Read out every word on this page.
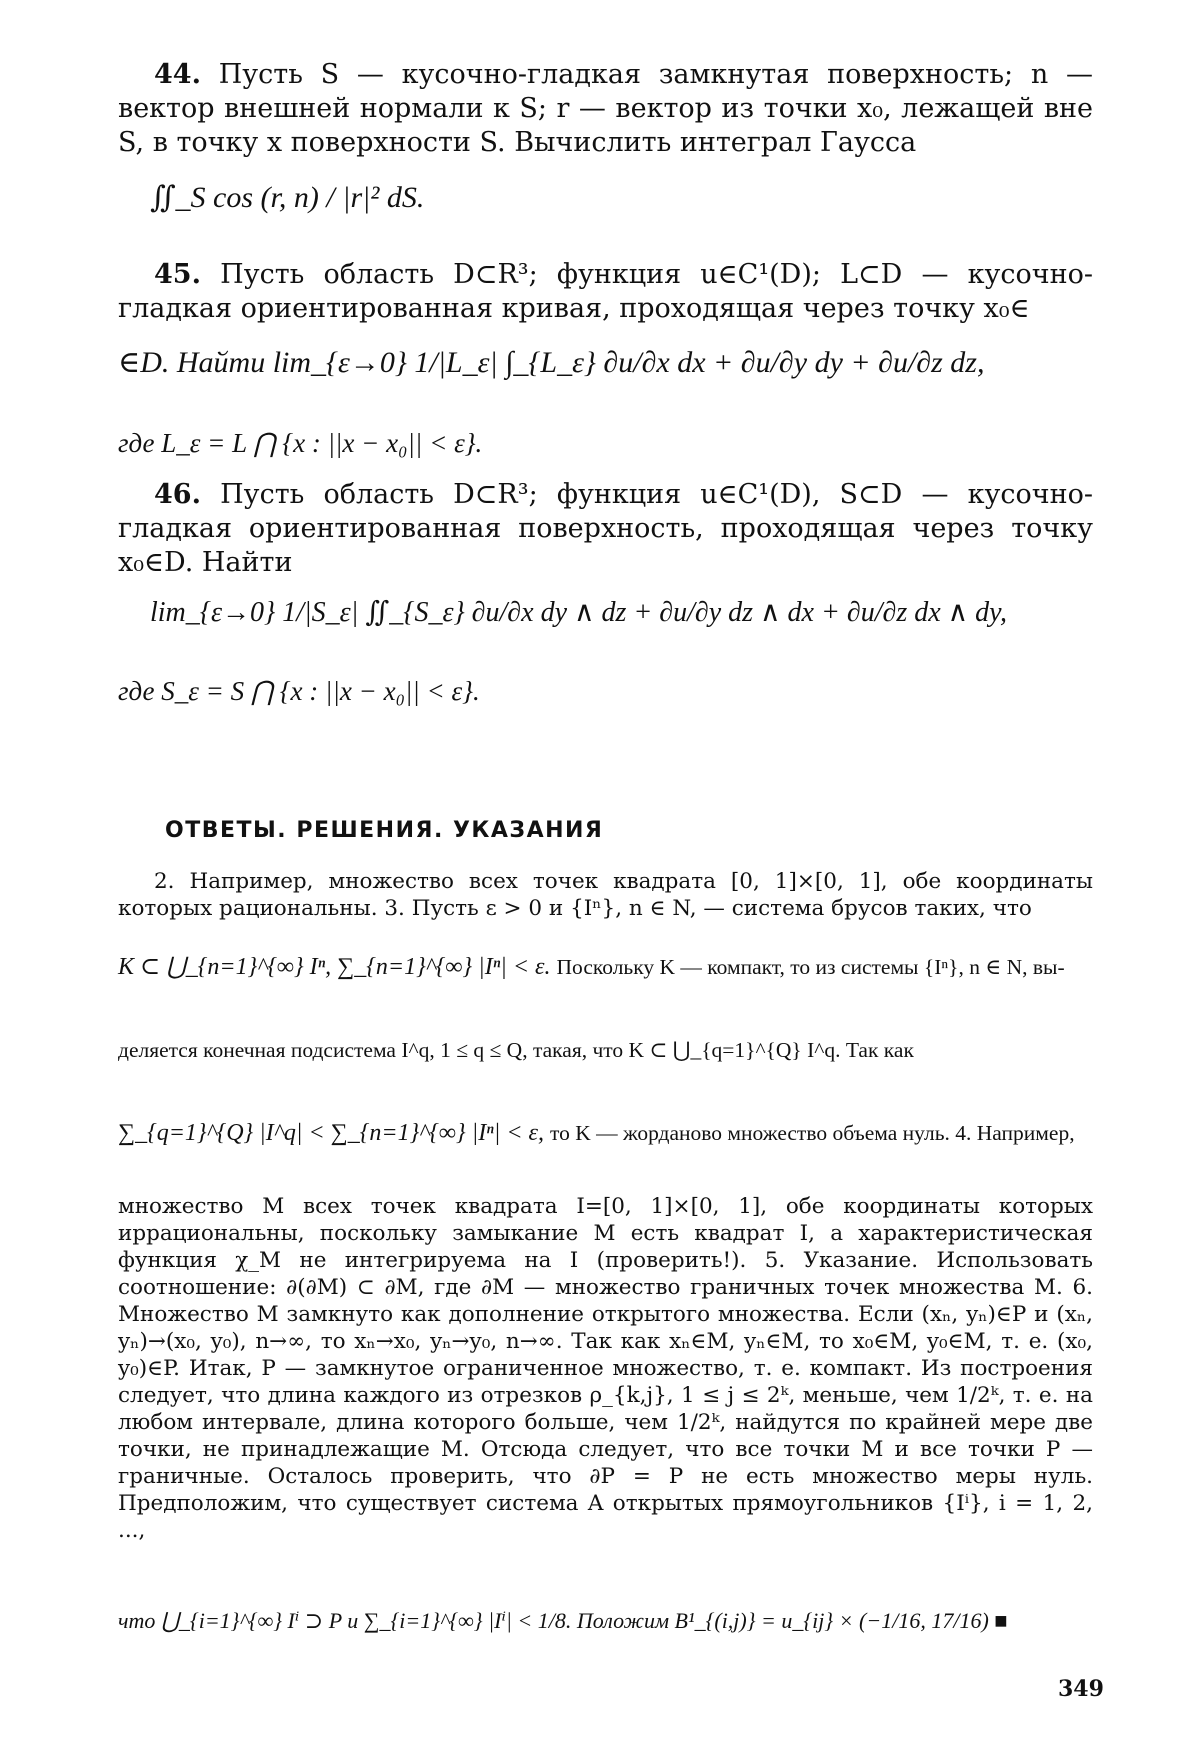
44. Пусть S — кусочно-гладкая замкнутая поверхность; n — вектор внешней нормали к S; r — вектор из точки x₀, лежащей вне S, в точку x поверхности S. Вычислить интеграл Гаусса

∬_S cos (r, n) / |r|² dS.

45. Пусть область D⊂R³; функция u∈C¹(D); L⊂D — кусочно-гладкая ориентированная кривая, проходящая через точку x₀∈

∈D. Найти lim_{ε→0} 1/|L_ε| ∫_{L_ε} ∂u/∂x dx + ∂u/∂y dy + ∂u/∂z dz,
где L_ε = L ⋂ {x : ||x − x₀|| < ε}.

46. Пусть область D⊂R³; функция u∈C¹(D), S⊂D — кусочно-гладкая ориентированная поверхность, проходящая через точку x₀∈D. Найти

lim_{ε→0} 1/|S_ε| ∬_{S_ε} ∂u/∂x dy ∧ dz + ∂u/∂y dz ∧ dx + ∂u/∂z dx ∧ dy,
где S_ε = S ⋂ {x : ||x − x₀|| < ε}.
ОТВЕТЫ. РЕШЕНИЯ. УКАЗАНИЯ

2. Например, множество всех точек квадрата [0, 1]×[0, 1], обе координаты которых рациональны. 3. Пусть ε > 0 и {Iⁿ}, n ∈ N, — система брусов таких, что

K ⊂ ⋃_{n=1}^{∞} Iⁿ, ∑_{n=1}^{∞} |Iⁿ| < ε. Поскольку K — компакт, то из системы {Iⁿ}, n ∈ N, вы-
деляется конечная подсистема I^q, 1 ≤ q ≤ Q, такая, что K ⊂ ⋃_{q=1}^{Q} I^q. Так как
∑_{q=1}^{Q} |I^q| < ∑_{n=1}^{∞} |Iⁿ| < ε, то K — жорданово множество объема нуль. 4. Например,

множество M всех точек квадрата I=[0, 1]×[0, 1], обе координаты которых иррациональны, поскольку замыкание M есть квадрат I, а характеристическая функция χ_M не интегрируема на I (проверить!). 5. Указание. Использовать соотношение: ∂(∂M) ⊂ ∂M, где ∂M — множество граничных точек множества M. 6. Множество M замкнуто как дополнение открытого множества. Если (xₙ, yₙ)∈P и (xₙ, yₙ)→(x₀, y₀), n→∞, то xₙ→x₀, yₙ→y₀, n→∞. Так как xₙ∈M, yₙ∈M, то x₀∈M, y₀∈M, т. е. (x₀, y₀)∈P. Итак, P — замкнутое ограниченное множество, т. е. компакт. Из построения следует, что длина каждого из отрезков ρ_{k,j}, 1 ≤ j ≤ 2ᵏ, меньше, чем 1/2ᵏ, т. е. на любом интервале, длина которого больше, чем 1/2ᵏ, найдутся по крайней мере две точки, не принадлежащие M. Отсюда следует, что все точки M и все точки P — граничные. Осталось проверить, что ∂P = P не есть множество меры нуль. Предположим, что существует система A открытых прямоугольников {Iⁱ}, i = 1, 2, ...,

что ⋃_{i=1}^{∞} Iⁱ ⊃ P и ∑_{i=1}^{∞} |Iⁱ| < 1/8. Положим B¹_{(i,j)} = u_{ij} × (−1/16, 17/16) ■
349
